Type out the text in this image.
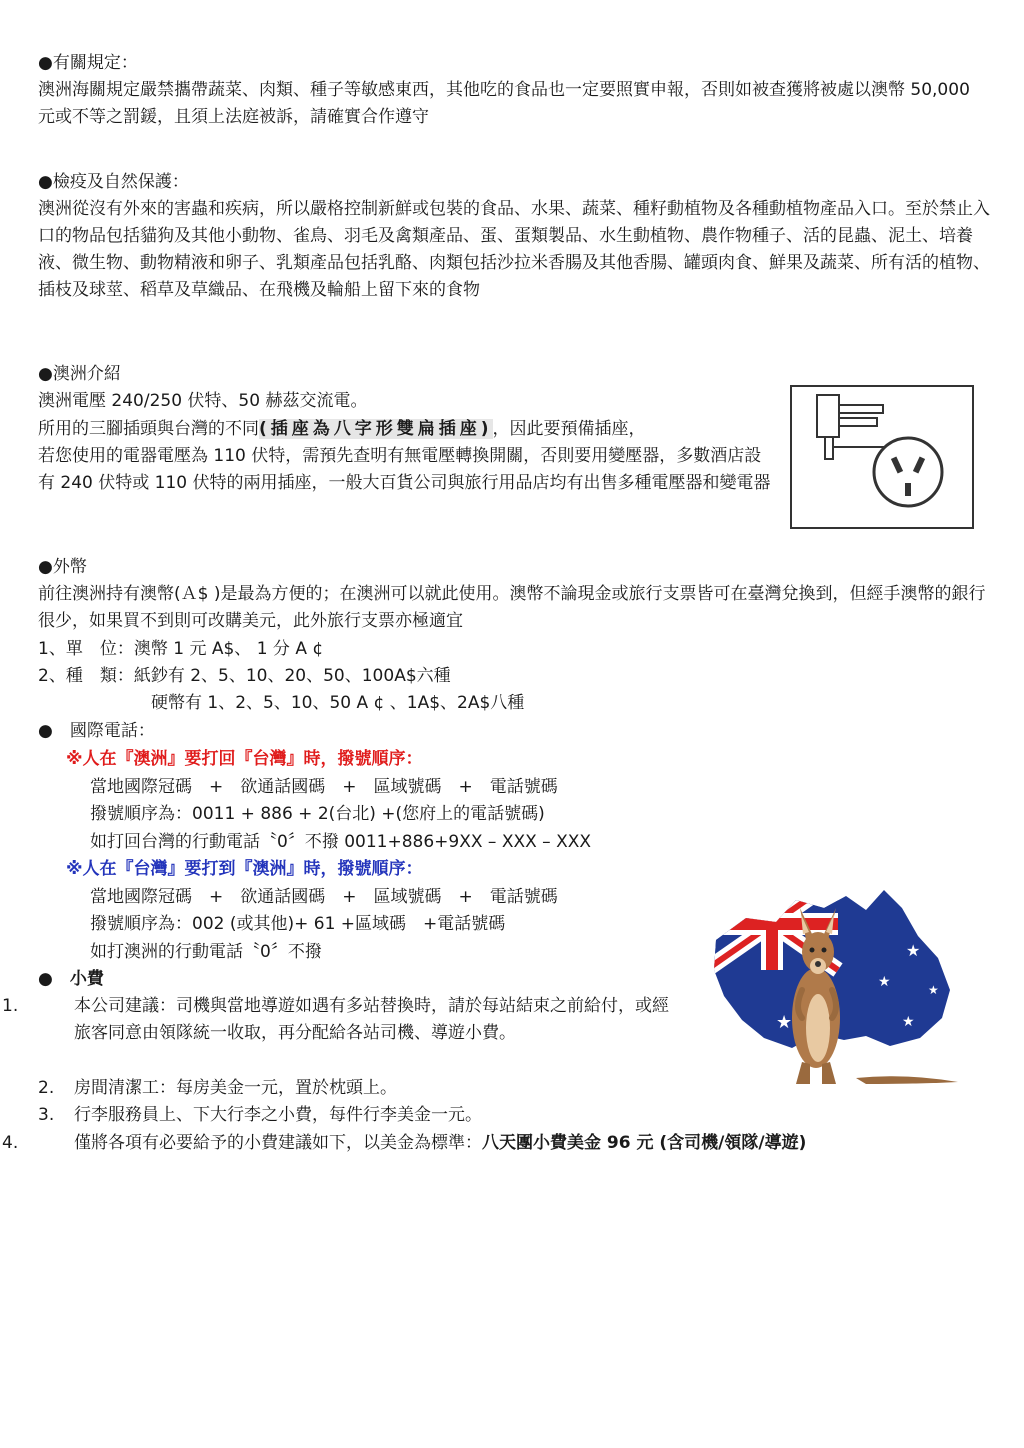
●有關規定：
澳洲海關規定嚴禁攜帶蔬菜、肉類、種子等敏感東西，其他吃的食品也一定要照實申報，否則如被查獲將被處以澳幣 50,000 元或不等之罰鍰，且須上法庭被訴，請確實合作遵守
●檢疫及自然保護：
澳洲從沒有外來的害蟲和疾病，所以嚴格控制新鮮或包裝的食品、水果、蔬菜、種籽動植物及各種動植物產品入口。至於禁止入口的物品包括貓狗及其他小動物、雀鳥、羽毛及禽類產品、蛋、蛋類製品、水生動植物、農作物種子、活的昆蟲、泥土、培養液、微生物、動物精液和卵子、乳類產品包括乳酪、肉類包括沙拉米香腸及其他香腸、罐頭肉食、鮮果及蔬菜、所有活的植物、插枝及球莖、稻草及草織品、在飛機及輪船上留下來的食物
●澳洲介紹
澳洲電壓 240/250 伏特、50 赫茲交流電。
所用的三腳插頭與台灣的不同(插座為八字形雙扁插座)，因此要預備插座，
若您使用的電器電壓為 110 伏特，需預先查明有無電壓轉換開關，否則要用變壓器，多數酒店設有 240 伏特或 110 伏特的兩用插座，一般大百貨公司與旅行用品店均有出售多種電壓器和變電器
●外幣
前往澳洲持有澳幣(Ａ$ )是最為方便的；在澳洲可以就此使用。澳幣不論現金或旅行支票皆可在臺灣兌換到，但經手澳幣的銀行很少，如果買不到則可改購美元，此外旅行支票亦極適宜
1、單　位：澳幣 1 元 A$、 1 分 A ¢
2、種　類：紙鈔有 2、5、10、20、50、100A$六種
硬幣有 1、2、5、10、50 A ¢ 、1A$、2A$八種
●　國際電話：
※人在『澳洲』要打回『台灣』時，撥號順序：
當地國際冠碼　+　欲通話國碼　+　區域號碼　+　電話號碼
撥號順序為：0011 + 886 + 2(台北) +(您府上的電話號碼)
如打回台灣的行動電話〝0〞不撥 0011+886+9XX – XXX – XXX
※人在『台灣』要打到『澳洲』時，撥號順序：
當地國際冠碼　+　欲通話國碼　+　區域號碼　+　電話號碼
撥號順序為：002 (或其他)+ 61 +區域碼　+電話號碼
如打澳洲的行動電話〝0〞不撥
●　小費
1.	本公司建議：司機與當地導遊如遇有多站替換時，請於每站結束之前給付，或經旅客同意由領隊統一收取，再分配給各站司機、導遊小費。
2. 房間清潔工：每房美金一元，置於枕頭上。
3. 行李服務員上、下大行李之小費，每件行李美金一元。
4.	僅將各項有必要給予的小費建議如下，以美金為標準：八天團小費美金 96 元 (含司機/領隊/導遊)
★
★	★
★
★
